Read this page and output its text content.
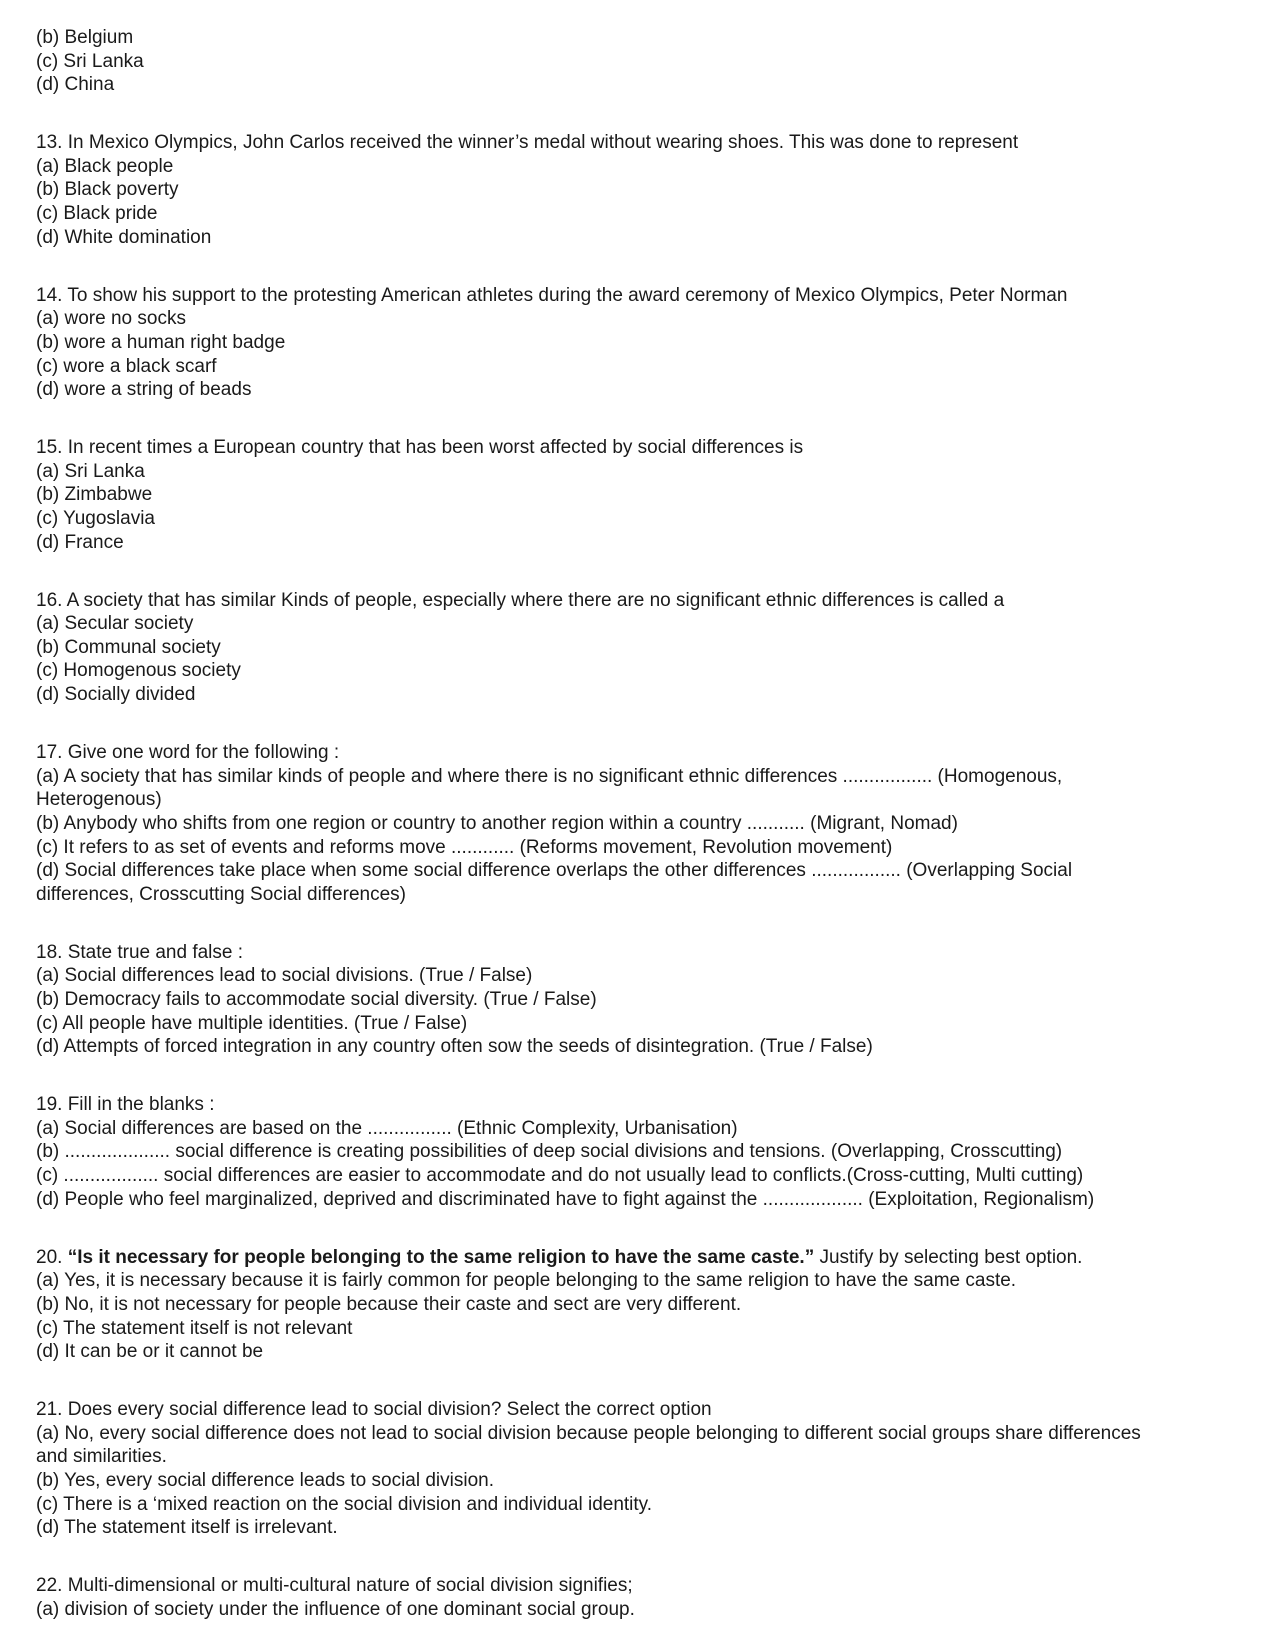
(b) Belgium
(c) Sri Lanka
(d) China
13. In Mexico Olympics, John Carlos received the winner’s medal without wearing shoes. This was done to represent
(a) Black people
(b) Black poverty
(c) Black pride
(d) White domination
14. To show his support to the protesting American athletes during the award ceremony of Mexico Olympics, Peter Norman
(a) wore no socks
(b) wore a human right badge
(c) wore a black scarf
(d) wore a string of beads
15. In recent times a European country that has been worst affected by social differences is
(a) Sri Lanka
(b) Zimbabwe
(c) Yugoslavia
(d) France
16. A society that has similar Kinds of people, especially where there are no significant ethnic differences is called a
(a) Secular society
(b) Communal society
(c) Homogenous society
(d) Socially divided
17. Give one word for the following :
(a) A society that has similar kinds of people and where there is no significant ethnic differences ................. (Homogenous,
Heterogenous)
(b) Anybody who shifts from one region or country to another region within a country ........... (Migrant, Nomad)
(c) It refers to as set of events and reforms move ............ (Reforms movement, Revolution movement)
(d) Social differences take place when some social difference overlaps the other differences ................. (Overlapping Social
differences, Crosscutting Social differences)
18. State true and false :
(a) Social differences lead to social divisions. (True / False)
(b) Democracy fails to accommodate social diversity. (True / False)
(c) All people have multiple identities. (True / False)
(d) Attempts of forced integration in any country often sow the seeds of disintegration. (True / False)
19. Fill in the blanks :
(a) Social differences are based on the ................ (Ethnic Complexity, Urbanisation)
(b) .................... social difference is creating possibilities of deep social divisions and tensions. (Overlapping, Crosscutting)
(c) .................. social differences are easier to accommodate and do not usually lead to conflicts.(Cross-cutting, Multi cutting)
(d) People who feel marginalized, deprived and discriminated have to fight against the ................... (Exploitation, Regionalism)
20. “Is it necessary for people belonging to the same religion to have the same caste.” Justify by selecting best option.
(a) Yes, it is necessary because it is fairly common for people belonging to the same religion to have the same caste.
(b) No, it is not necessary for people because their caste and sect are very different.
(c) The statement itself is not relevant
(d) It can be or it cannot be
21. Does every social difference lead to social division? Select the correct option
(a) No, every social difference does not lead to social division because people belonging to different social groups share differences
and similarities.
(b) Yes, every social difference leads to social division.
(c) There is a ‘mixed reaction on the social division and individual identity.
(d) The statement itself is irrelevant.
22. Multi-dimensional or multi-cultural nature of social division signifies;
(a) division of society under the influence of one dominant social group.
